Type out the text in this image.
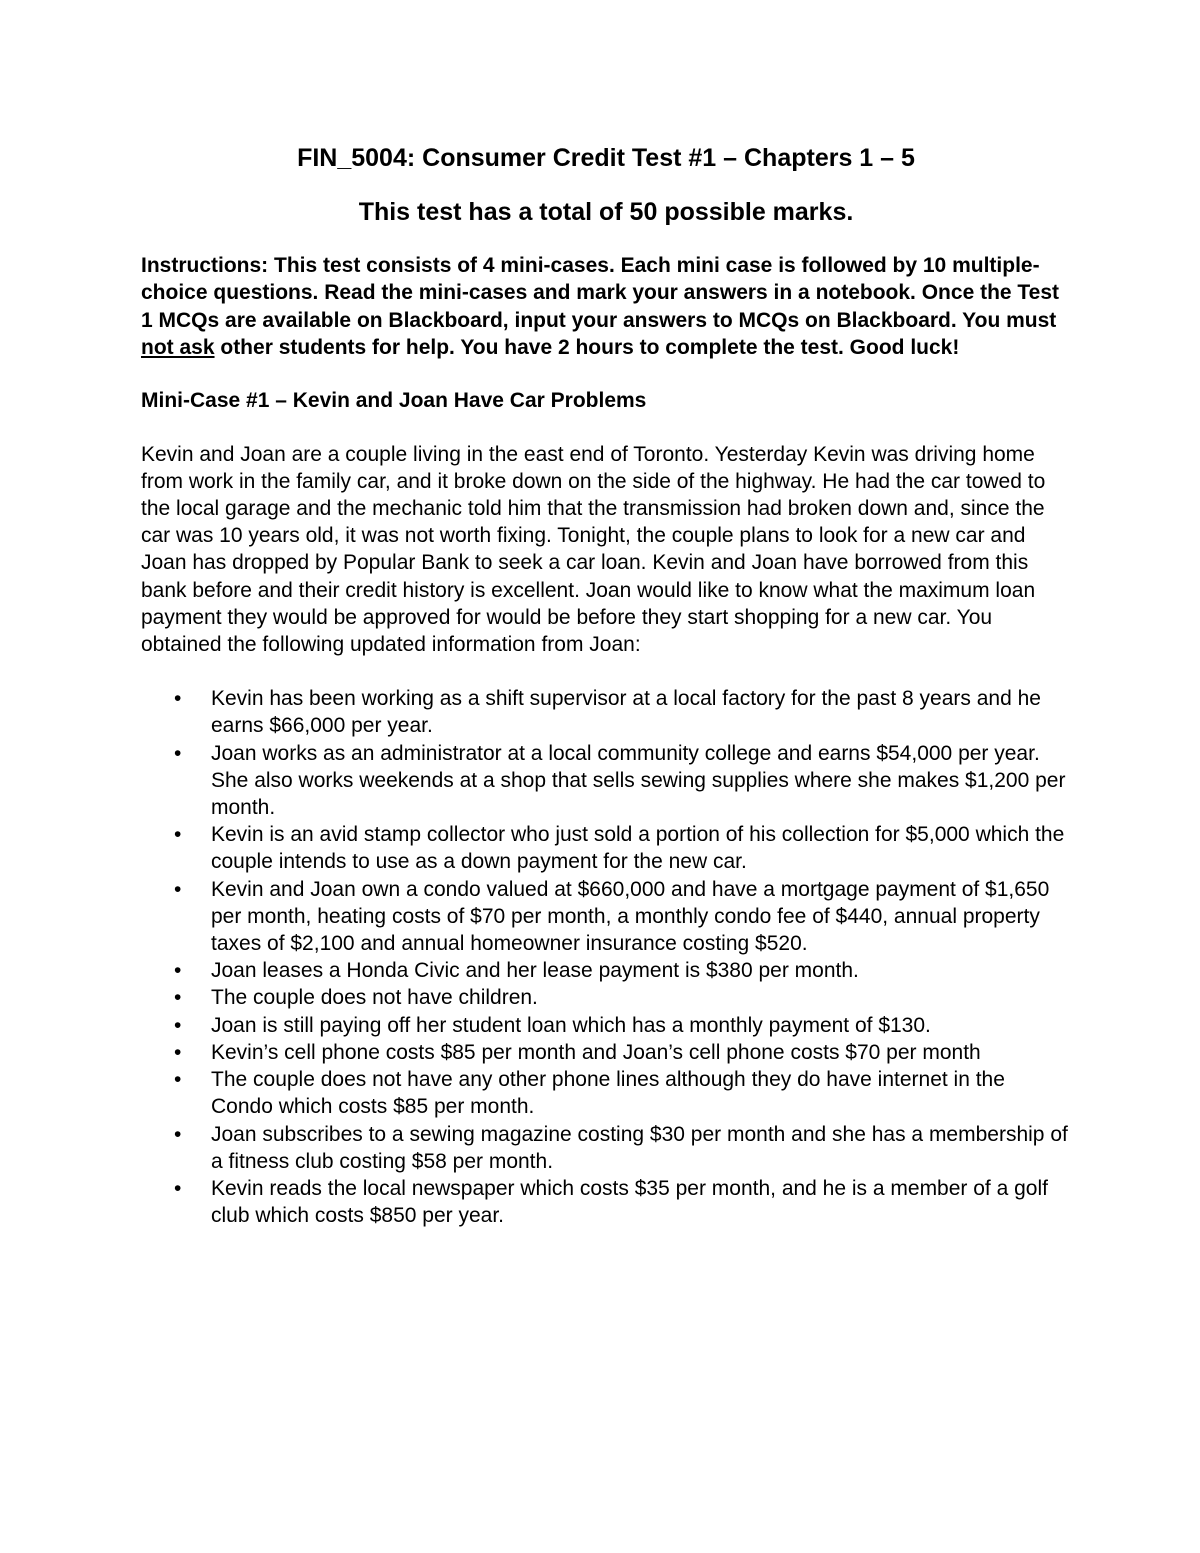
FIN_5004: Consumer Credit Test #1 – Chapters 1 – 5
This test has a total of 50 possible marks.

Instructions: This test consists of 4 mini-cases. Each mini case is followed by 10 multiple-choice questions. Read the mini-cases and mark your answers in a notebook. Once the Test 1 MCQs are available on Blackboard, input your answers to MCQs on Blackboard. You must not ask other students for help. You have 2 hours to complete the test. Good luck!

Mini-Case #1 – Kevin and Joan Have Car Problems

Kevin and Joan are a couple living in the east end of Toronto. Yesterday Kevin was driving home from work in the family car, and it broke down on the side of the highway. He had the car towed to the local garage and the mechanic told him that the transmission had broken down and, since the car was 10 years old, it was not worth fixing. Tonight, the couple plans to look for a new car and Joan has dropped by Popular Bank to seek a car loan. Kevin and Joan have borrowed from this bank before and their credit history is excellent. Joan would like to know what the maximum loan payment they would be approved for would be before they start shopping for a new car. You obtained the following updated information from Joan:

• Kevin has been working as a shift supervisor at a local factory for the past 8 years and he earns $66,000 per year.
• Joan works as an administrator at a local community college and earns $54,000 per year. She also works weekends at a shop that sells sewing supplies where she makes $1,200 per month.
• Kevin is an avid stamp collector who just sold a portion of his collection for $5,000 which the couple intends to use as a down payment for the new car.
• Kevin and Joan own a condo valued at $660,000 and have a mortgage payment of $1,650 per month, heating costs of $70 per month, a monthly condo fee of $440, annual property taxes of $2,100 and annual homeowner insurance costing $520.
• Joan leases a Honda Civic and her lease payment is $380 per month.
• The couple does not have children.
• Joan is still paying off her student loan which has a monthly payment of $130.
• Kevin’s cell phone costs $85 per month and Joan’s cell phone costs $70 per month
• The couple does not have any other phone lines although they do have internet in the Condo which costs $85 per month.
• Joan subscribes to a sewing magazine costing $30 per month and she has a membership of a fitness club costing $58 per month.
• Kevin reads the local newspaper which costs $35 per month, and he is a member of a golf club which costs $850 per year.
